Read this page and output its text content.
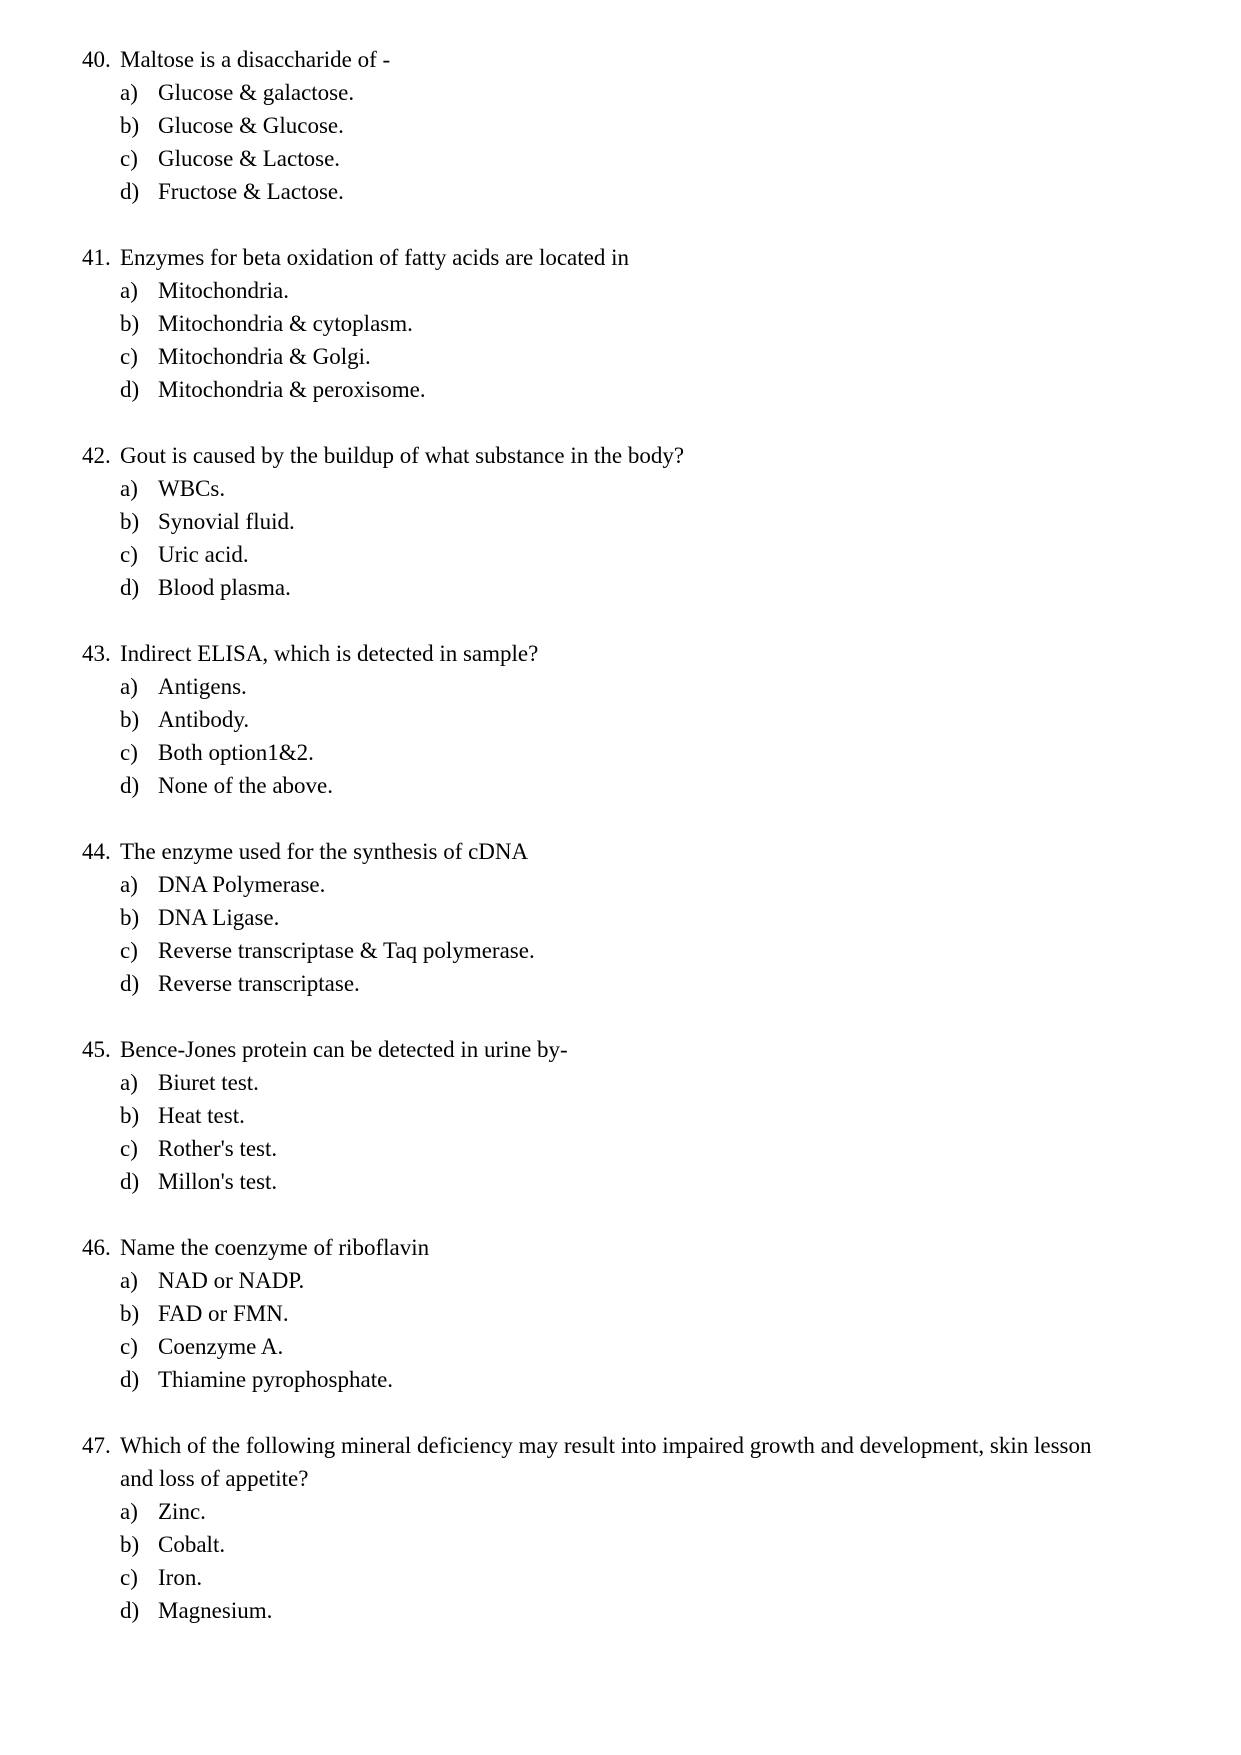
40. Maltose is a disaccharide of -
a) Glucose & galactose.
b) Glucose & Glucose.
c) Glucose & Lactose.
d) Fructose & Lactose.
41. Enzymes for beta oxidation of fatty acids are located in
a) Mitochondria.
b) Mitochondria & cytoplasm.
c) Mitochondria & Golgi.
d) Mitochondria & peroxisome.
42. Gout is caused by the buildup of what substance in the body?
a) WBCs.
b) Synovial fluid.
c) Uric acid.
d) Blood plasma.
43. Indirect ELISA, which is detected in sample?
a) Antigens.
b) Antibody.
c) Both option1&2.
d) None of the above.
44. The enzyme used for the synthesis of cDNA
a) DNA Polymerase.
b) DNA Ligase.
c) Reverse transcriptase & Taq polymerase.
d) Reverse transcriptase.
45. Bence-Jones protein can be detected in urine by-
a) Biuret test.
b) Heat test.
c) Rother's test.
d) Millon's test.
46. Name the coenzyme of riboflavin
a) NAD or NADP.
b) FAD or FMN.
c) Coenzyme A.
d) Thiamine pyrophosphate.
47. Which of the following mineral deficiency may result into impaired growth and development, skin lesson and loss of appetite?
a) Zinc.
b) Cobalt.
c) Iron.
d) Magnesium.
